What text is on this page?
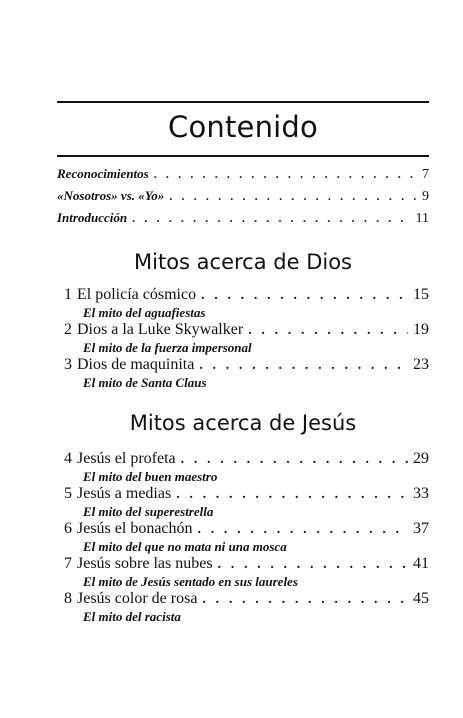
Contenido
Reconocimientos . . .	7
«Nosotros» vs. «Yo» . . .	9
Introducción . . .	11
Mitos acerca de Dios
1 El policía cósmico . . .	15
El mito del aguafiestas
2 Dios a la Luke Skywalker . . .	19
El mito de la fuerza impersonal
3 Dios de maquinita . . .	23
El mito de Santa Claus
Mitos acerca de Jesús
4 Jesús el profeta . . .	29
El mito del buen maestro
5 Jesús a medias . . .	33
El mito del superestrella
6 Jesús el bonachón . . .	37
El mito del que no mata ni una mosca
7 Jesús sobre las nubes . . .	41
El mito de Jesús sentado en sus laureles
8 Jesús color de rosa . . .	45
El mito del racista
